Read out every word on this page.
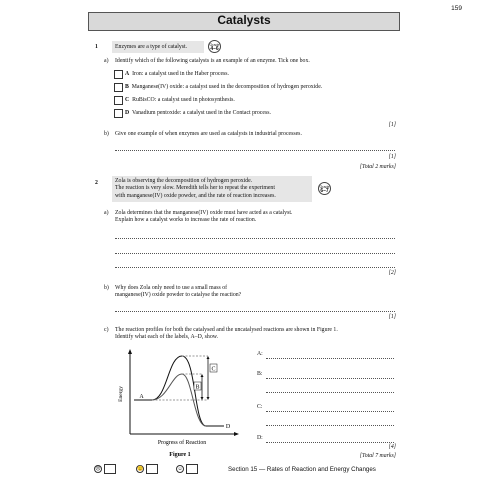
159
Catalysts
1	Enzymes are a type of catalyst.	Grade
4–6
a) Identify which of the following catalysts is an example of an enzyme. Tick one box.
A Iron: a catalyst used in the Haber process.
B Manganese(IV) oxide: a catalyst used in the decomposition of hydrogen peroxide.
C RuBisCO: a catalyst used in photosynthesis.
D Vanadium pentoxide: a catalyst used in the Contact process.
[1]
b) Give one example of when enzymes are used as catalysts in industrial processes.
[1]
[Total 2 marks]
2	Zola is observing the decomposition of hydrogen peroxide.
The reaction is very slow. Meredith tells her to repeat the experiment
with manganese(IV) oxide powder, and the rate of reaction increases.
Grade
6–7
a) Zola determines that the manganese(IV) oxide must have acted as a catalyst.
Explain how a catalyst works to increase the rate of reaction.
[2]
b) Why does Zola only need to use a small mass of
manganese(IV) oxide powder to catalyse the reaction?
[1]
c) The reaction profiles for both the catalysed and the uncatalysed reactions are shown in Figure 1.
Identify what each of the labels, A–D, show.
A
B
C
D
Energy
Progress of Reaction
Figure 1
A:
B:
C:
D:
[4]
[Total 7 marks]
☹	😐	☺	Section 15 — Rates of Reaction and Energy Changes
